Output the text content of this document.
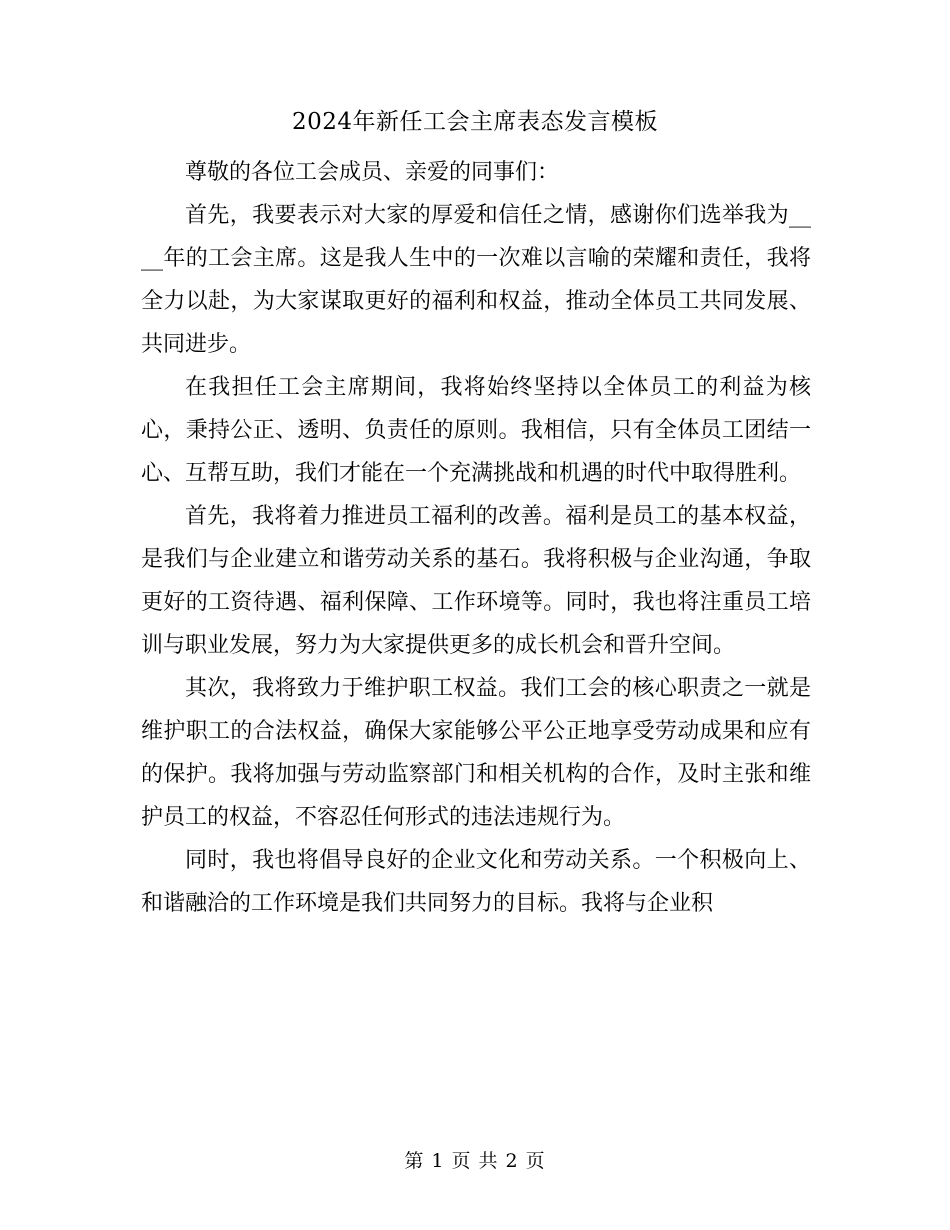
2024年新任工会主席表态发言模板

尊敬的各位工会成员、亲爱的同事们：

首先，我要表示对大家的厚爱和信任之情，感谢你们选举我为____年的工会主席。这是我人生中的一次难以言喻的荣耀和责任，我将全力以赴，为大家谋取更好的福利和权益，推动全体员工共同发展、共同进步。

在我担任工会主席期间，我将始终坚持以全体员工的利益为核心，秉持公正、透明、负责任的原则。我相信，只有全体员工团结一心、互帮互助，我们才能在一个充满挑战和机遇的时代中取得胜利。

首先，我将着力推进员工福利的改善。福利是员工的基本权益，是我们与企业建立和谐劳动关系的基石。我将积极与企业沟通，争取更好的工资待遇、福利保障、工作环境等。同时，我也将注重员工培训与职业发展，努力为大家提供更多的成长机会和晋升空间。

其次，我将致力于维护职工权益。我们工会的核心职责之一就是维护职工的合法权益，确保大家能够公平公正地享受劳动成果和应有的保护。我将加强与劳动监察部门和相关机构的合作，及时主张和维护员工的权益，不容忍任何形式的违法违规行为。

同时，我也将倡导良好的企业文化和劳动关系。一个积极向上、和谐融洽的工作环境是我们共同努力的目标。我将与企业积

第 1 页 共 2 页
